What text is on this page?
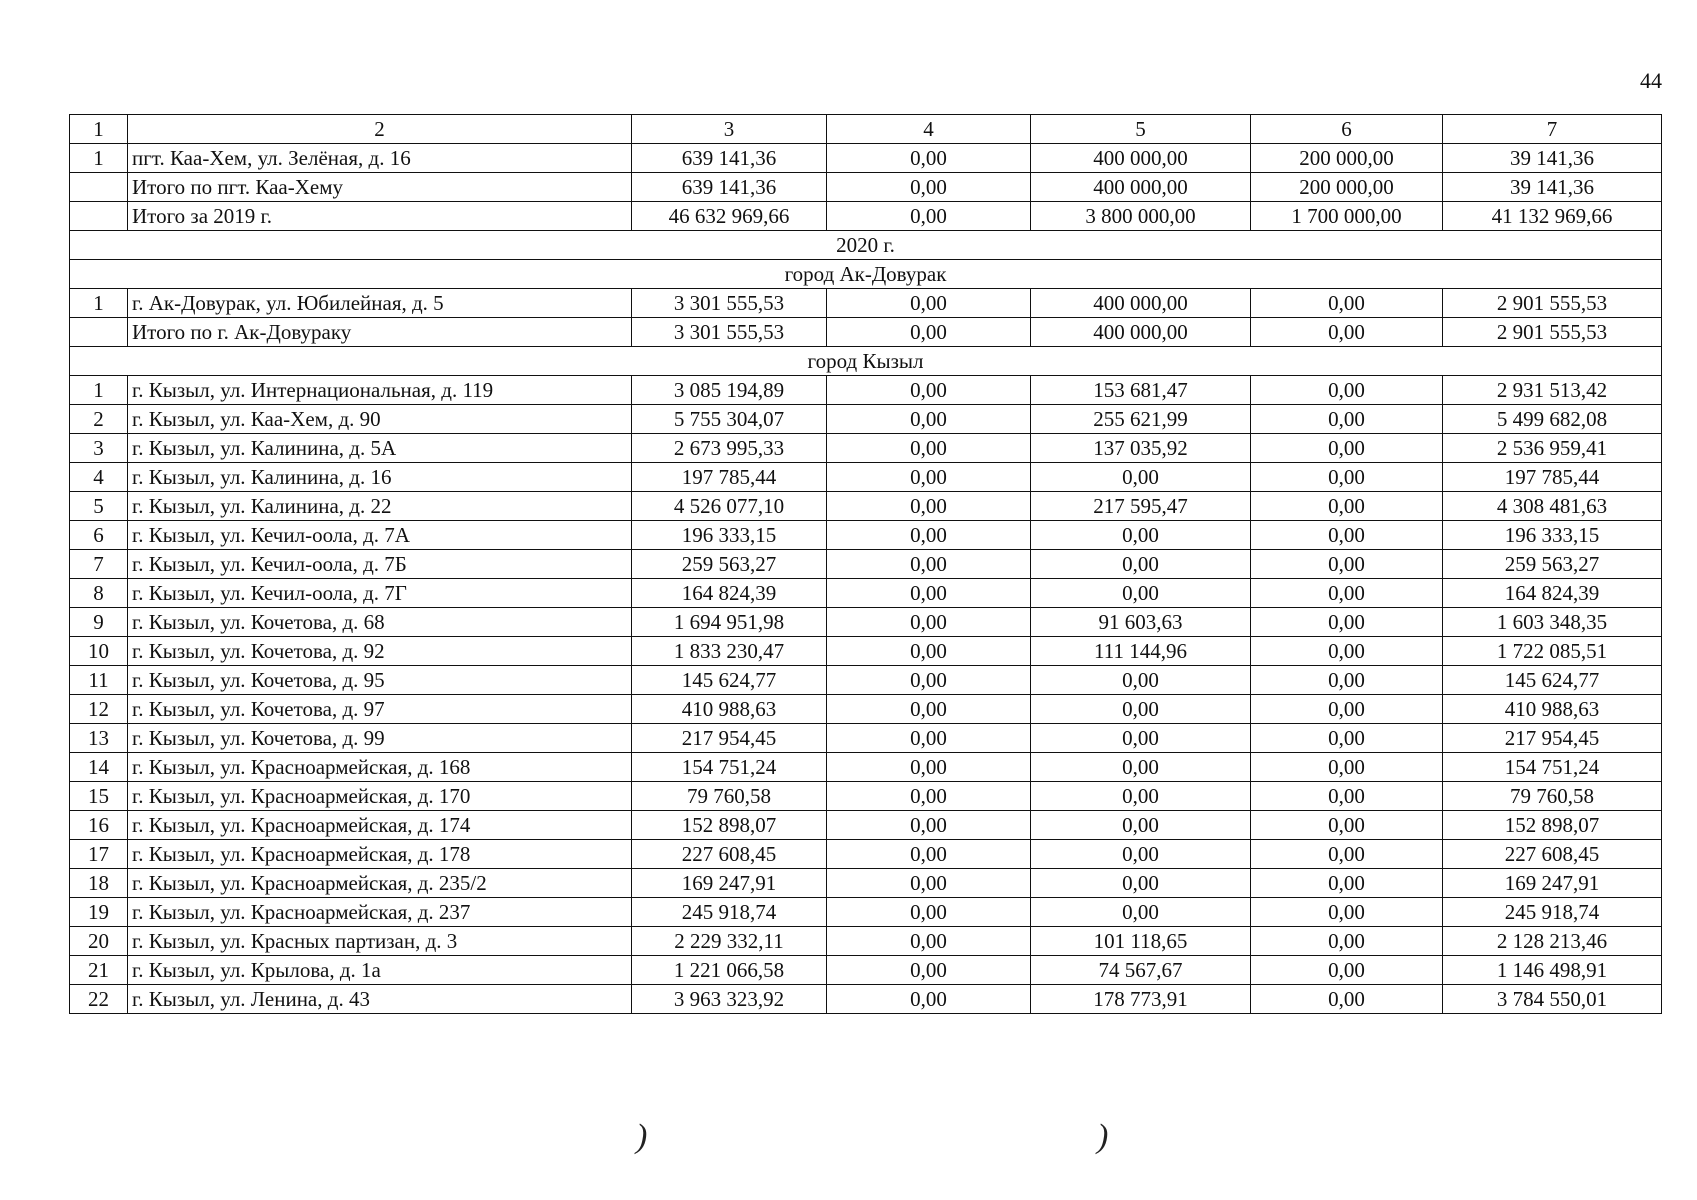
44
1	2	3	4	5	6	7
1	пгт. Каа-Хем, ул. Зелёная, д. 16	639 141,36	0,00	400 000,00	200 000,00	39 141,36
	Итого по пгт. Каа-Хему	639 141,36	0,00	400 000,00	200 000,00	39 141,36
	Итого за 2019 г.	46 632 969,66	0,00	3 800 000,00	1 700 000,00	41 132 969,66
2020 г.						
город Ак-Довурак						
1	г. Ак-Довурак, ул. Юбилейная, д. 5	3 301 555,53	0,00	400 000,00	0,00	2 901 555,53
	Итого по г. Ак-Довураку	3 301 555,53	0,00	400 000,00	0,00	2 901 555,53
город Кызыл						
1	г. Кызыл, ул. Интернациональная, д. 119	3 085 194,89	0,00	153 681,47	0,00	2 931 513,42
2	г. Кызыл, ул. Каа-Хем, д. 90	5 755 304,07	0,00	255 621,99	0,00	5 499 682,08
3	г. Кызыл, ул. Калинина, д. 5А	2 673 995,33	0,00	137 035,92	0,00	2 536 959,41
4	г. Кызыл, ул. Калинина, д. 16	197 785,44	0,00	0,00	0,00	197 785,44
5	г. Кызыл, ул. Калинина, д. 22	4 526 077,10	0,00	217 595,47	0,00	4 308 481,63
6	г. Кызыл, ул. Кечил-оола, д. 7А	196 333,15	0,00	0,00	0,00	196 333,15
7	г. Кызыл, ул. Кечил-оола, д. 7Б	259 563,27	0,00	0,00	0,00	259 563,27
8	г. Кызыл, ул. Кечил-оола, д. 7Г	164 824,39	0,00	0,00	0,00	164 824,39
9	г. Кызыл, ул. Кочетова, д. 68	1 694 951,98	0,00	91 603,63	0,00	1 603 348,35
10	г. Кызыл, ул. Кочетова, д. 92	1 833 230,47	0,00	111 144,96	0,00	1 722 085,51
11	г. Кызыл, ул. Кочетова, д. 95	145 624,77	0,00	0,00	0,00	145 624,77
12	г. Кызыл, ул. Кочетова, д. 97	410 988,63	0,00	0,00	0,00	410 988,63
13	г. Кызыл, ул. Кочетова, д. 99	217 954,45	0,00	0,00	0,00	217 954,45
14	г. Кызыл, ул. Красноармейская, д. 168	154 751,24	0,00	0,00	0,00	154 751,24
15	г. Кызыл, ул. Красноармейская, д. 170	79 760,58	0,00	0,00	0,00	79 760,58
16	г. Кызыл, ул. Красноармейская, д. 174	152 898,07	0,00	0,00	0,00	152 898,07
17	г. Кызыл, ул. Красноармейская, д. 178	227 608,45	0,00	0,00	0,00	227 608,45
18	г. Кызыл, ул. Красноармейская, д. 235/2	169 247,91	0,00	0,00	0,00	169 247,91
19	г. Кызыл, ул. Красноармейская, д. 237	245 918,74	0,00	0,00	0,00	245 918,74
20	г. Кызыл, ул. Красных партизан, д. 3	2 229 332,11	0,00	101 118,65	0,00	2 128 213,46
21	г. Кызыл, ул. Крылова, д. 1а	1 221 066,58	0,00	74 567,67	0,00	1 146 498,91
22	г. Кызыл, ул. Ленина, д. 43	3 963 323,92	0,00	178 773,91	0,00	3 784 550,01
)	)
